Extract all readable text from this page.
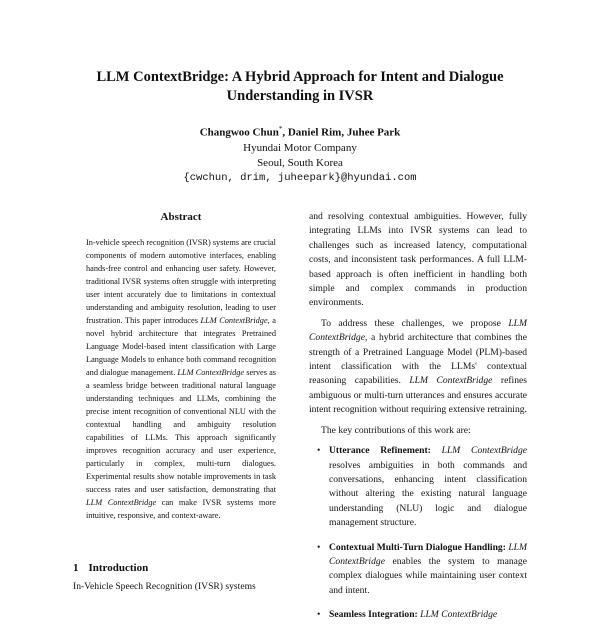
LLM ContextBridge: A Hybrid Approach for Intent and Dialogue Understanding in IVSR
Changwoo Chun*, Daniel Rim, Juhee Park
Hyundai Motor Company
Seoul, South Korea
{cwchun, drim, juheepark}@hyundai.com
Abstract
In-vehicle speech recognition (IVSR) systems are crucial components of modern automotive interfaces, enabling hands-free control and enhancing user safety. However, traditional IVSR systems often struggle with interpreting user intent accurately due to limitations in contextual understanding and ambiguity resolution, leading to user frustration. This paper introduces LLM ContextBridge, a novel hybrid architecture that integrates Pretrained Language Model-based intent classification with Large Language Models to enhance both command recognition and dialogue management. LLM ContextBridge serves as a seamless bridge between traditional natural language understanding techniques and LLMs, combining the precise intent recognition of conventional NLU with the contextual handling and ambiguity resolution capabilities of LLMs. This approach significantly improves recognition accuracy and user experience, particularly in complex, multi-turn dialogues. Experimental results show notable improvements in task success rates and user satisfaction, demonstrating that LLM ContextBridge can make IVSR systems more intuitive, responsive, and context-aware.
1 Introduction
In-Vehicle Speech Recognition (IVSR) systems

and resolving contextual ambiguities. However, fully integrating LLMs into IVSR systems can lead to challenges such as increased latency, computational costs, and inconsistent task performances. A full LLM-based approach is often inefficient in handling both simple and complex commands in production environments.

To address these challenges, we propose LLM ContextBridge, a hybrid architecture that combines the strength of a Pretrained Language Model (PLM)-based intent classification with the LLMs' contextual reasoning capabilities. LLM ContextBridge refines ambiguous or multi-turn utterances and ensures accurate intent recognition without requiring extensive retraining.

The key contributions of this work are:

• Utterance Refinement: LLM ContextBridge resolves ambiguities in both commands and conversations, enhancing intent classification without altering the existing natural language understanding (NLU) logic and dialogue management structure.
• Contextual Multi-Turn Dialogue Handling: LLM ContextBridge enables the system to manage complex dialogues while maintaining user context and intent.
• Seamless Integration: LLM ContextBridge
